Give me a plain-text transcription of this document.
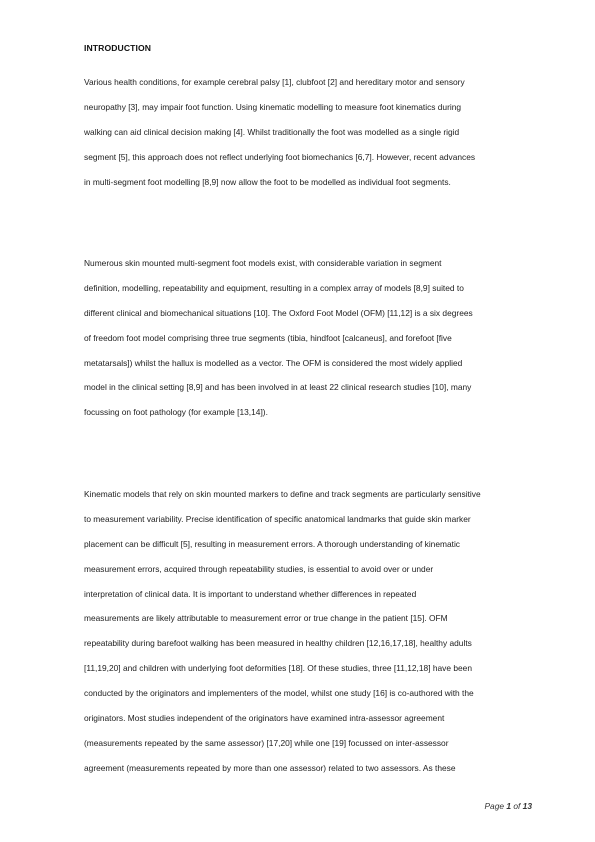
INTRODUCTION
Various health conditions, for example cerebral palsy [1], clubfoot [2] and hereditary motor and sensory
neuropathy [3], may impair foot function. Using kinematic modelling to measure foot kinematics during
walking can aid clinical decision making [4]. Whilst traditionally the foot was modelled as a single rigid
segment [5], this approach does not reflect underlying foot biomechanics [6,7]. However, recent advances
in multi-segment foot modelling [8,9] now allow the foot to be modelled as individual foot segments.
Numerous skin mounted multi-segment foot models exist, with considerable variation in segment
definition, modelling, repeatability and equipment, resulting in a complex array of models [8,9] suited to
different clinical and biomechanical situations [10]. The Oxford Foot Model (OFM) [11,12] is a six degrees
of freedom foot model comprising three true segments (tibia, hindfoot [calcaneus], and forefoot [five
metatarsals]) whilst the hallux is modelled as a vector. The OFM is considered the most widely applied
model in the clinical setting [8,9] and has been involved in at least 22 clinical research studies [10], many
focussing on foot pathology (for example [13,14]).
Kinematic models that rely on skin mounted markers to define and track segments are particularly sensitive
to measurement variability. Precise identification of specific anatomical landmarks that guide skin marker
placement can be difficult [5], resulting in measurement errors. A thorough understanding of kinematic
measurement errors, acquired through repeatability studies, is essential to avoid over or under
interpretation of clinical data. It is important to understand whether differences in repeated
measurements are likely attributable to measurement error or true change in the patient [15]. OFM
repeatability during barefoot walking has been measured in healthy children [12,16,17,18], healthy adults
[11,19,20] and children with underlying foot deformities [18]. Of these studies, three [11,12,18] have been
conducted by the originators and implementers of the model, whilst one study [16] is co-authored with the
originators. Most studies independent of the originators have examined intra-assessor agreement
(measurements repeated by the same assessor) [17,20] while one [19] focussed on inter-assessor
agreement (measurements repeated by more than one assessor) related to two assessors. As these
Page 1 of 13
